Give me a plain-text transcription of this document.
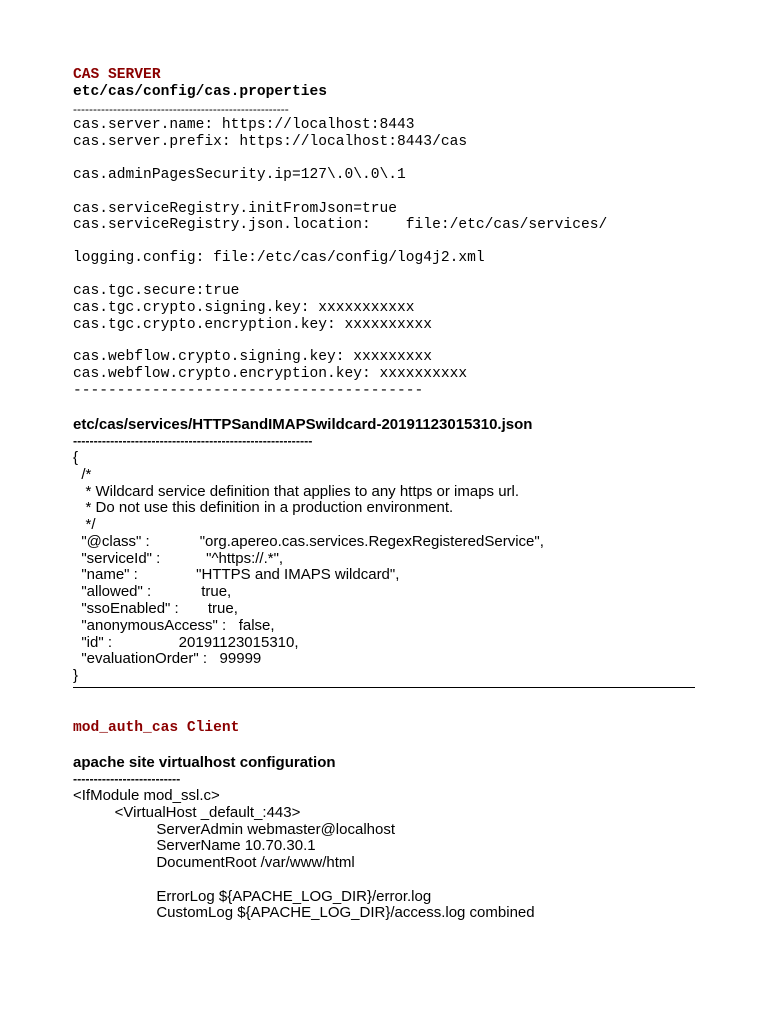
CAS SERVER

etc/cas/config/cas.properties

------------------------------------------------------

cas.server.name: https://localhost:8443

cas.server.prefix: https://localhost:8443/cas

cas.adminPagesSecurity.ip=127\.0\.0\.1

cas.serviceRegistry.initFromJson=true

cas.serviceRegistry.json.location:    file:/etc/cas/services/

logging.config: file:/etc/cas/config/log4j2.xml

cas.tgc.secure:true

cas.tgc.crypto.signing.key: xxxxxxxxxxx

cas.tgc.crypto.encryption.key: xxxxxxxxxx

cas.webflow.crypto.signing.key: xxxxxxxxx

cas.webflow.crypto.encryption.key: xxxxxxxxxx

----------------------------------------

etc/cas/services/HTTPSandIMAPSwildcard-20191123015310.json

----------------------------------------------------------

{

/*

* Wildcard service definition that applies to any https or imaps url.

* Do not use this definition in a production environment.

*/

"@class" :            "org.apereo.cas.services.RegexRegisteredService",

"serviceId" :           "^https://.*",

"name" :              "HTTPS and IMAPS wildcard",

"allowed" :            true,

"ssoEnabled" :       true,

"anonymousAccess" :   false,

"id" :                20191123015310,

"evaluationOrder" :   99999

}

mod_auth_cas Client

apache site virtualhost configuration

--------------------------

<IfModule mod_ssl.c>

<VirtualHost _default_:443>

ServerAdmin webmaster@localhost

ServerName 10.70.30.1

DocumentRoot /var/www/html

ErrorLog ${APACHE_LOG_DIR}/error.log

CustomLog ${APACHE_LOG_DIR}/access.log combined
